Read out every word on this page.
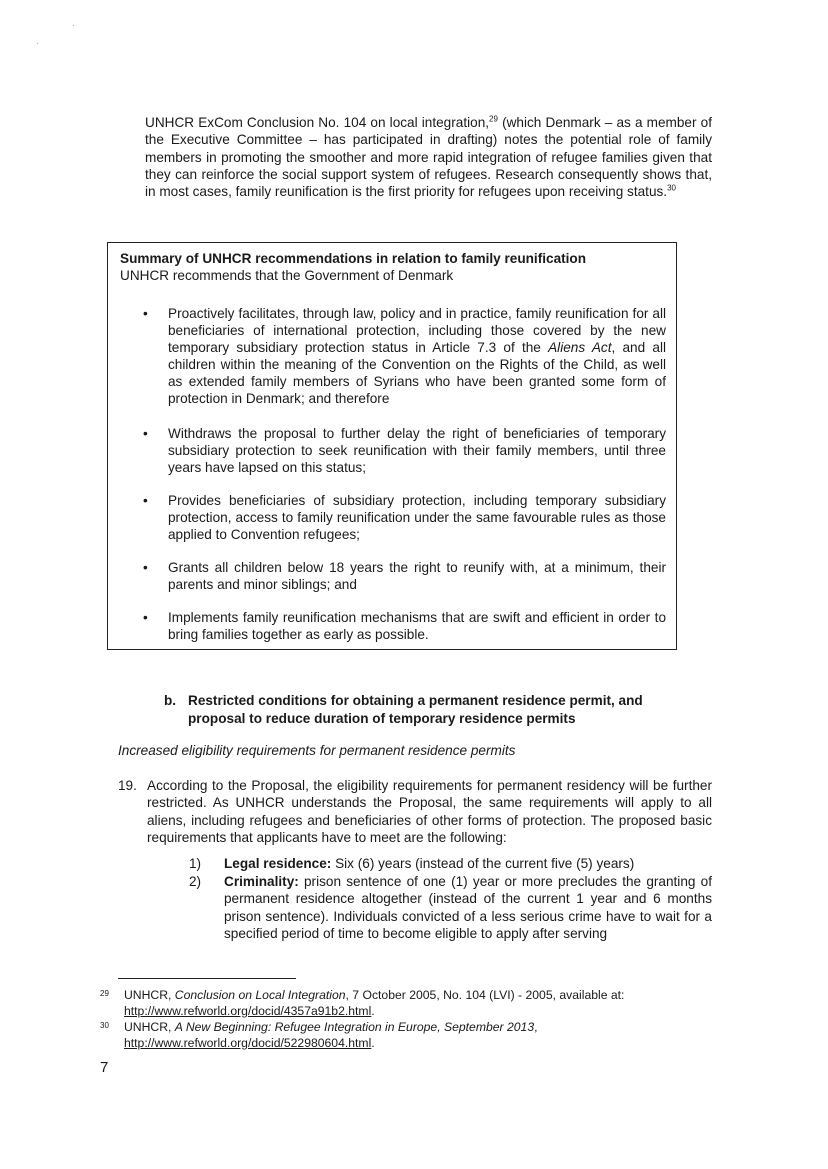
·
·

UNHCR ExCom Conclusion No. 104 on local integration,$^{29}$ (which Denmark – as a member of the Executive Committee – has participated in drafting) notes the potential role of family members in promoting the smoother and more rapid integration of refugee families given that they can reinforce the social support system of refugees. Research consequently shows that, in most cases, family reunification is the first priority for refugees upon receiving status.$^{30}$

Summary of UNHCR recommendations in relation to family reunification

UNHCR recommends that the Government of Denmark

• Proactively facilitates, through law, policy and in practice, family reunification for all beneficiaries of international protection, including those covered by the new temporary subsidiary protection status in Article 7.3 of the Aliens Act, and all children within the meaning of the Convention on the Rights of the Child, as well as extended family members of Syrians who have been granted some form of protection in Denmark; and therefore

• Withdraws the proposal to further delay the right of beneficiaries of temporary subsidiary protection to seek reunification with their family members, until three years have lapsed on this status;

• Provides beneficiaries of subsidiary protection, including temporary subsidiary protection, access to family reunification under the same favourable rules as those applied to Convention refugees;

• Grants all children below 18 years the right to reunify with, at a minimum, their parents and minor siblings; and

• Implements family reunification mechanisms that are swift and efficient in order to bring families together as early as possible.

b. Restricted conditions for obtaining a permanent residence permit, and
proposal to reduce duration of temporary residence permits

Increased eligibility requirements for permanent residence permits

19. According to the Proposal, the eligibility requirements for permanent residency will be further restricted. As UNHCR understands the Proposal, the same requirements will apply to all aliens, including refugees and beneficiaries of other forms of protection. The proposed basic requirements that applicants have to meet are the following:

1)	Legal residence: Six (6) years (instead of the current five (5) years)

2)	Criminality: prison sentence of one (1) year or more precludes the granting of permanent residence altogether (instead of the current 1 year and 6 months prison sentence). Individuals convicted of a less serious crime have to wait for a specified period of time to become eligible to apply after serving

29	UNHCR, Conclusion on Local Integration, 7 October 2005, No. 104 (LVI) - 2005, available at: http://www.refworld.org/docid/4357a91b2.html.

30	UNHCR, A New Beginning: Refugee Integration in Europe, September 2013, http://www.refworld.org/docid/522980604.html.

7
